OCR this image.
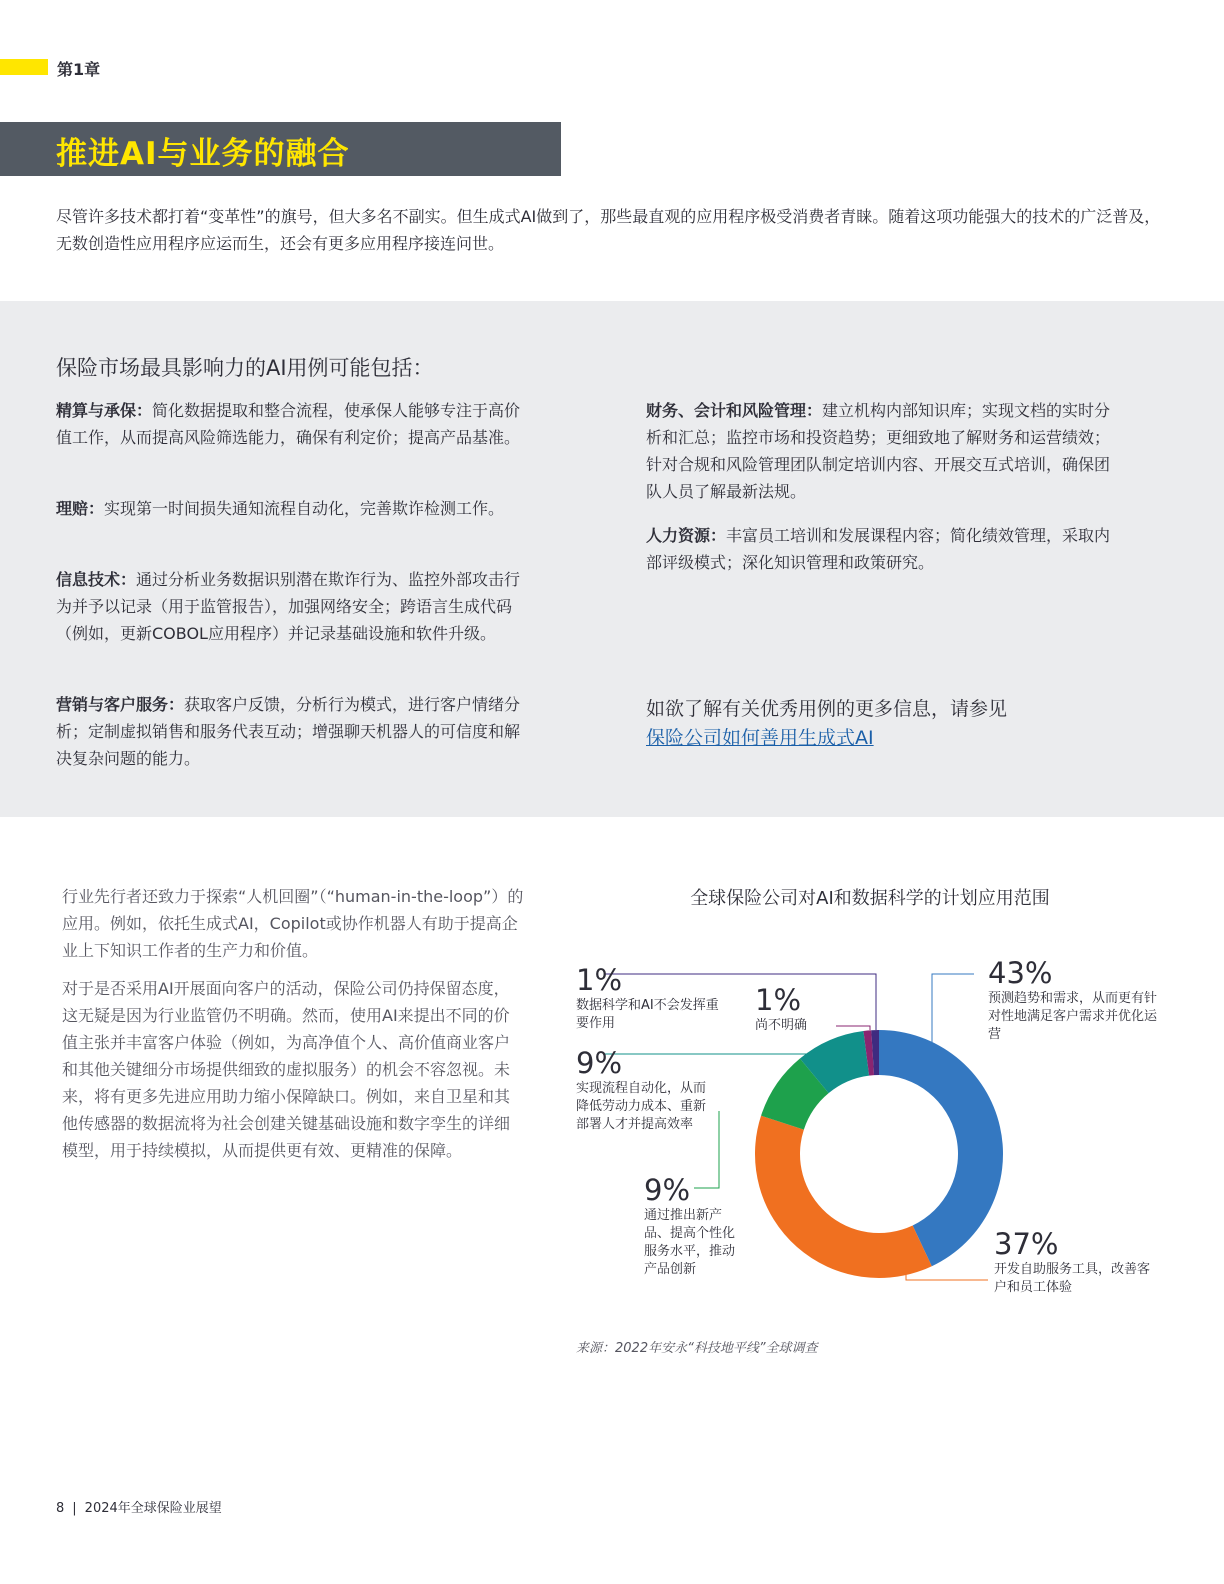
第1章
推进AI与业务的融合
尽管许多技术都打着“变革性”的旗号，但大多名不副实。但生成式AI做到了，那些最直观的应用程序极受消费者青睐。随着这项功能强大的技术的广泛普及，无数创造性应用程序应运而生，还会有更多应用程序接连问世。
保险市场最具影响力的AI用例可能包括：
精算与承保：简化数据提取和整合流程，使承保人能够专注于高价值工作，从而提高风险筛选能力，确保有利定价；提高产品基准。
理赔：实现第一时间损失通知流程自动化，完善欺诈检测工作。
信息技术：通过分析业务数据识别潜在欺诈行为、监控外部攻击行为并予以记录（用于监管报告），加强网络安全；跨语言生成代码（例如，更新COBOL应用程序）并记录基础设施和软件升级。
营销与客户服务：获取客户反馈，分析行为模式，进行客户情绪分析；定制虚拟销售和服务代表互动；增强聊天机器人的可信度和解决复杂问题的能力。
财务、会计和风险管理：建立机构内部知识库；实现文档的实时分析和汇总；监控市场和投资趋势；更细致地了解财务和运营绩效；针对合规和风险管理团队制定培训内容、开展交互式培训，确保团队人员了解最新法规。
人力资源：丰富员工培训和发展课程内容；简化绩效管理，采取内部评级模式；深化知识管理和政策研究。
如欲了解有关优秀用例的更多信息，请参见
保险公司如何善用生成式AI
行业先行者还致力于探索“人机回圈”（“human-in-the-loop”）的应用。例如，依托生成式AI，Copilot或协作机器人有助于提高企业上下知识工作者的生产力和价值。
对于是否采用AI开展面向客户的活动，保险公司仍持保留态度，这无疑是因为行业监管仍不明确。然而，使用AI来提出不同的价值主张并丰富客户体验（例如，为高净值个人、高价值商业客户和其他关键细分市场提供细致的虚拟服务）的机会不容忽视。未来，将有更多先进应用助力缩小保障缺口。例如，来自卫星和其他传感器的数据流将为社会创建关键基础设施和数字孪生的详细模型，用于持续模拟，从而提供更有效、更精准的保障。
全球保险公司对AI和数据科学的计划应用范围
43%
预测趋势和需求，从而更有针对性地满足客户需求并优化运营
37%
开发自助服务工具，改善客户和员工体验
9%
通过推出新产品、提高个性化服务水平，推动产品创新
9%
实现流程自动化，从而降低劳动力成本、重新部署人才并提高效率
1%
尚不明确
1%
数据科学和AI不会发挥重要作用
来源：2022年安永“科技地平线”全球调查
8 | 2024年全球保险业展望
